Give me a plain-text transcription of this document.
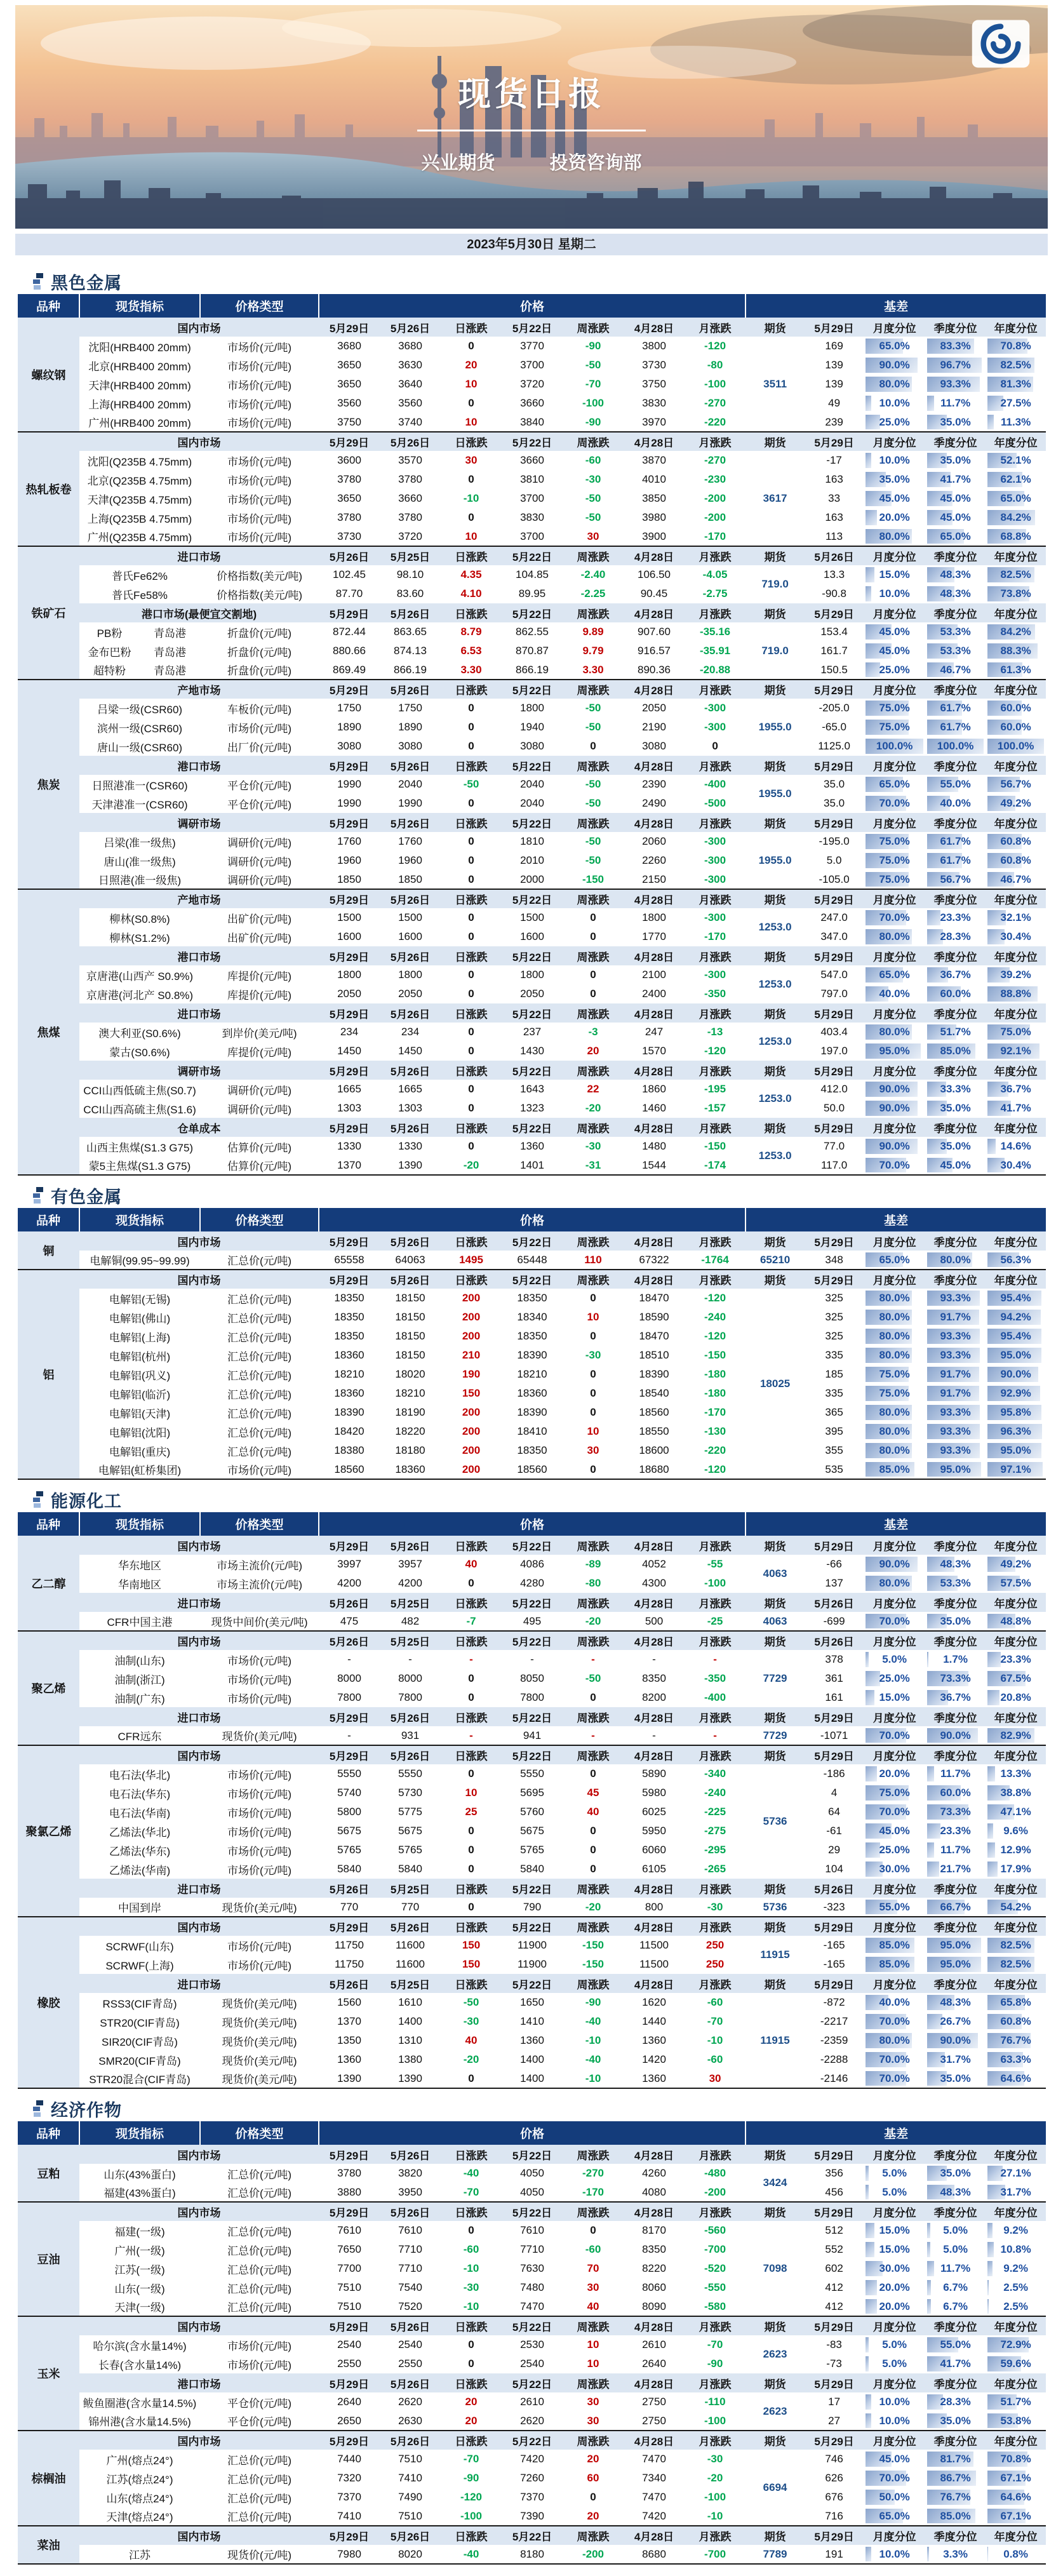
现货日报
兴业期货	投资咨询部
2023年5月30日 星期二
黑色金属
品种	现货指标	价格类型	价格							基差				
螺纹钢	国内市场		5月29日	5月26日	日涨跌	5月22日	周涨跌	4月28日	月涨跌	期货	5月29日	月度分位	季度分位	年度分位
	沈阳(HRB400 20mm)	市场价(元/吨)	3680	3680	0	3770	-90	3800	-120	3511	169	65.0%	83.3%	70.8%
	北京(HRB400 20mm)	市场价(元/吨)	3650	3630	20	3700	-50	3730	-80		139	90.0%	96.7%	82.5%
	天津(HRB400 20mm)	市场价(元/吨)	3650	3640	10	3720	-70	3750	-100		139	80.0%	93.3%	81.3%
	上海(HRB400 20mm)	市场价(元/吨)	3560	3560	0	3660	-100	3830	-270		49	10.0%	11.7%	27.5%
	广州(HRB400 20mm)	市场价(元/吨)	3750	3740	10	3840	-90	3970	-220		239	25.0%	35.0%	11.3%
热轧板卷	国内市场		5月29日	5月26日	日涨跌	5月22日	周涨跌	4月28日	月涨跌	期货	5月29日	月度分位	季度分位	年度分位
	沈阳(Q235B 4.75mm)	市场价(元/吨)	3600	3570	30	3660	-60	3870	-270	3617	-17	10.0%	35.0%	52.1%
	北京(Q235B 4.75mm)	市场价(元/吨)	3780	3780	0	3810	-30	4010	-230		163	35.0%	41.7%	62.1%
	天津(Q235B 4.75mm)	市场价(元/吨)	3650	3660	-10	3700	-50	3850	-200		33	45.0%	45.0%	65.0%
	上海(Q235B 4.75mm)	市场价(元/吨)	3780	3780	0	3830	-50	3980	-200		163	20.0%	45.0%	84.2%
	广州(Q235B 4.75mm)	市场价(元/吨)	3730	3720	10	3700	30	3900	-170		113	80.0%	65.0%	68.8%
铁矿石	进口市场		5月26日	5月25日	日涨跌	5月22日	周涨跌	4月28日	月涨跌	期货	5月26日	月度分位	季度分位	年度分位
	普氏Fe62%	价格指数(美元/吨)	102.45	98.10	4.35	104.85	-2.40	106.50	-4.05	719.0	13.3	15.0%	48.3%	82.5%
	普氏Fe58%	价格指数(美元/吨)	87.70	83.60	4.10	89.95	-2.25	90.45	-2.75		-90.8	10.0%	48.3%	73.8%
	港口市场(最便宜交割地)		5月29日	5月26日	日涨跌	5月22日	周涨跌	4月28日	月涨跌	期货	5月29日	月度分位	季度分位	年度分位

	PB粉 青岛港	折盘价(元/吨)	872.44	863.65	8.79	862.55	9.89	907.60	-35.16	719.0	153.4	45.0%	53.3%	84.2%

	金布巴粉 青岛港	折盘价(元/吨)	880.66	874.13	6.53	870.87	9.79	916.57	-35.91		161.7	45.0%	53.3%	88.3%

	超特粉 青岛港	折盘价(元/吨)	869.49	866.19	3.30	866.19	3.30	890.36	-20.88		150.5	25.0%	46.7%	61.3%
焦炭	产地市场		5月29日	5月26日	日涨跌	5月22日	周涨跌	4月28日	月涨跌	期货	5月29日	月度分位	季度分位	年度分位
	吕梁一级(CSR60)	车板价(元/吨)	1750	1750	0	1800	-50	2050	-300	1955.0	-205.0	75.0%	61.7%	60.0%
	滨州一级(CSR60)	市场价(元/吨)	1890	1890	0	1940	-50	2190	-300		-65.0	75.0%	61.7%	60.0%
	唐山一级(CSR60)	出厂价(元/吨)	3080	3080	0	3080	0	3080	0		1125.0	100.0%	100.0%	100.0%
	港口市场		5月29日	5月26日	日涨跌	5月22日	周涨跌	4月28日	月涨跌	期货	5月29日	月度分位	季度分位	年度分位
	日照港准一(CSR60)	平仓价(元/吨)	1990	2040	-50	2040	-50	2390	-400	1955.0	35.0	65.0%	55.0%	56.7%
	天津港准一(CSR60)	平仓价(元/吨)	1990	1990	0	2040	-50	2490	-500		35.0	70.0%	40.0%	49.2%
	调研市场		5月29日	5月26日	日涨跌	5月22日	周涨跌	4月28日	月涨跌	期货	5月29日	月度分位	季度分位	年度分位
	吕梁(准一级焦)	调研价(元/吨)	1760	1760	0	1810	-50	2060	-300	1955.0	-195.0	75.0%	61.7%	60.8%
	唐山(准一级焦)	调研价(元/吨)	1960	1960	0	2010	-50	2260	-300		5.0	75.0%	61.7%	60.8%
	日照港(准一级焦)	调研价(元/吨)	1850	1850	0	2000	-150	2150	-300		-105.0	75.0%	56.7%	46.7%
焦煤	产地市场		5月29日	5月26日	日涨跌	5月22日	周涨跌	4月28日	月涨跌	期货	5月29日	月度分位	季度分位	年度分位
	柳林(S0.8%)	出矿价(元/吨)	1500	1500	0	1500	0	1800	-300	1253.0	247.0	70.0%	23.3%	32.1%
	柳林(S1.2%)	出矿价(元/吨)	1600	1600	0	1600	0	1770	-170		347.0	80.0%	28.3%	30.4%
	港口市场		5月29日	5月26日	日涨跌	5月22日	周涨跌	4月28日	月涨跌	期货	5月29日	月度分位	季度分位	年度分位
	京唐港(山西产 S0.9%)	库提价(元/吨)	1800	1800	0	1800	0	2100	-300	1253.0	547.0	65.0%	36.7%	39.2%
	京唐港(河北产 S0.8%)	库提价(元/吨)	2050	2050	0	2050	0	2400	-350		797.0	40.0%	60.0%	88.8%
	进口市场		5月29日	5月26日	日涨跌	5月22日	周涨跌	4月28日	月涨跌	期货	5月29日	月度分位	季度分位	年度分位
	澳大利亚(S0.6%)	到岸价(美元/吨)	234	234	0	237	-3	247	-13	1253.0	403.4	80.0%	51.7%	75.0%
	蒙古(S0.6%)	库提价(元/吨)	1450	1450	0	1430	20	1570	-120		197.0	95.0%	85.0%	92.1%
	调研市场		5月29日	5月26日	日涨跌	5月22日	周涨跌	4月28日	月涨跌	期货	5月29日	月度分位	季度分位	年度分位
	CCI山西低硫主焦(S0.7)	调研价(元/吨)	1665	1665	0	1643	22	1860	-195	1253.0	412.0	90.0%	33.3%	36.7%
	CCI山西高硫主焦(S1.6)	调研价(元/吨)	1303	1303	0	1323	-20	1460	-157		50.0	90.0%	35.0%	41.7%
	仓单成本		5月29日	5月26日	日涨跌	5月22日	周涨跌	4月28日	月涨跌	期货	5月29日	月度分位	季度分位	年度分位
	山西主焦煤(S1.3 G75)	估算价(元/吨)	1330	1330	0	1360	-30	1480	-150	1253.0	77.0	90.0%	35.0%	14.6%
	蒙5主焦煤(S1.3 G75)	估算价(元/吨)	1370	1390	-20	1401	-31	1544	-174		117.0	70.0%	45.0%	30.4%
有色金属
品种	现货指标	价格类型	价格							基差				
铜	国内市场		5月29日	5月26日	日涨跌	5月22日	周涨跌	4月28日	月涨跌	期货	5月29日	月度分位	季度分位	年度分位
	电解铜(99.95~99.99)	汇总价(元/吨)	65558	64063	1495	65448	110	67322	-1764	65210	348	65.0%	80.0%	56.3%
铝	国内市场		5月29日	5月26日	日涨跌	5月22日	周涨跌	4月28日	月涨跌	期货	5月29日	月度分位	季度分位	年度分位
	电解铝(无锡)	汇总价(元/吨)	18350	18150	200	18350	0	18470	-120	18025	325	80.0%	93.3%	95.4%
	电解铝(佛山)	汇总价(元/吨)	18350	18150	200	18340	10	18590	-240		325	80.0%	91.7%	94.2%
	电解铝(上海)	汇总价(元/吨)	18350	18150	200	18350	0	18470	-120		325	80.0%	93.3%	95.4%
	电解铝(杭州)	汇总价(元/吨)	18360	18150	210	18390	-30	18510	-150		335	80.0%	93.3%	95.0%
	电解铝(巩义)	汇总价(元/吨)	18210	18020	190	18210	0	18390	-180		185	75.0%	91.7%	90.0%
	电解铝(临沂)	汇总价(元/吨)	18360	18210	150	18360	0	18540	-180		335	75.0%	91.7%	92.9%
	电解铝(天津)	汇总价(元/吨)	18390	18190	200	18390	0	18560	-170		365	80.0%	93.3%	95.8%
	电解铝(沈阳)	汇总价(元/吨)	18420	18220	200	18410	10	18550	-130		395	80.0%	93.3%	96.3%
	电解铝(重庆)	汇总价(元/吨)	18380	18180	200	18350	30	18600	-220		355	80.0%	93.3%	95.0%
	电解铝(虹桥集团)	市场价(元/吨)	18560	18360	200	18560	0	18680	-120		535	85.0%	95.0%	97.1%
能源化工
品种	现货指标	价格类型	价格							基差				
乙二醇	国内市场		5月29日	5月26日	日涨跌	5月22日	周涨跌	4月28日	月涨跌	期货	5月29日	月度分位	季度分位	年度分位
	华东地区	市场主流价(元/吨)	3997	3957	40	4086	-89	4052	-55	4063	-66	90.0%	48.3%	49.2%
	华南地区	市场主流价(元/吨)	4200	4200	0	4280	-80	4300	-100		137	80.0%	53.3%	57.5%
	进口市场		5月26日	5月25日	日涨跌	5月22日	周涨跌	4月28日	月涨跌	期货	5月26日	月度分位	季度分位	年度分位
	CFR中国主港	现货中间价(美元/吨)	475	482	-7	495	-20	500	-25	4063	-699	70.0%	35.0%	48.8%
聚乙烯	国内市场		5月26日	5月25日	日涨跌	5月22日	周涨跌	4月28日	月涨跌	期货	5月26日	月度分位	季度分位	年度分位
	油制(山东)	市场价(元/吨)	-	-	-	-	-	-	-	7729	378	5.0%	1.7%	23.3%
	油制(浙江)	市场价(元/吨)	8000	8000	0	8050	-50	8350	-350		361	25.0%	73.3%	67.5%
	油制(广东)	市场价(元/吨)	7800	7800	0	7800	0	8200	-400		161	15.0%	36.7%	20.8%
	进口市场		5月29日	5月26日	日涨跌	5月22日	周涨跌	4月28日	月涨跌	期货	5月29日	月度分位	季度分位	年度分位
	CFR远东	现货价(美元/吨)	-	931	-	941	-	-	-	7729	-1071	70.0%	90.0%	82.9%
聚氯乙烯	国内市场		5月29日	5月26日	日涨跌	5月22日	周涨跌	4月28日	月涨跌	期货	5月29日	月度分位	季度分位	年度分位
	电石法(华北)	市场价(元/吨)	5550	5550	0	5550	0	5890	-340	5736	-186	20.0%	11.7%	13.3%
	电石法(华东)	市场价(元/吨)	5740	5730	10	5695	45	5980	-240		4	75.0%	60.0%	38.8%
	电石法(华南)	市场价(元/吨)	5800	5775	25	5760	40	6025	-225		64	70.0%	73.3%	47.1%
	乙烯法(华北)	市场价(元/吨)	5675	5675	0	5675	0	5950	-275		-61	45.0%	23.3%	9.6%
	乙烯法(华东)	市场价(元/吨)	5765	5765	0	5765	0	6060	-295		29	25.0%	11.7%	12.9%
	乙烯法(华南)	市场价(元/吨)	5840	5840	0	5840	0	6105	-265		104	30.0%	21.7%	17.9%
	进口市场		5月26日	5月25日	日涨跌	5月22日	周涨跌	4月28日	月涨跌	期货	5月26日	月度分位	季度分位	年度分位
	中国到岸	现货价(美元/吨)	770	770	0	790	-20	800	-30	5736	-323	55.0%	66.7%	54.2%
橡胶	国内市场		5月29日	5月26日	日涨跌	5月22日	周涨跌	4月28日	月涨跌	期货	5月29日	月度分位	季度分位	年度分位
	SCRWF(山东)	市场价(元/吨)	11750	11600	150	11900	-150	11500	250	11915	-165	85.0%	95.0%	82.5%
	SCRWF(上海)	市场价(元/吨)	11750	11600	150	11900	-150	11500	250		-165	85.0%	95.0%	82.5%
	进口市场		5月26日	5月25日	日涨跌	5月22日	周涨跌	4月28日	月涨跌	期货	5月29日	月度分位	季度分位	年度分位
	RSS3(CIF青岛)	现货价(美元/吨)	1560	1610	-50	1650	-90	1620	-60	11915	-872	40.0%	48.3%	65.8%
	STR20(CIF青岛)	现货价(美元/吨)	1370	1400	-30	1410	-40	1440	-70		-2217	70.0%	26.7%	60.8%
	SIR20(CIF青岛)	现货价(美元/吨)	1350	1310	40	1360	-10	1360	-10		-2359	80.0%	90.0%	76.7%
	SMR20(CIF青岛)	现货价(美元/吨)	1360	1380	-20	1400	-40	1420	-60		-2288	70.0%	31.7%	63.3%
	STR20混合(CIF青岛)	现货价(美元/吨)	1390	1390	0	1400	-10	1360	30		-2146	70.0%	35.0%	64.6%
经济作物
品种	现货指标	价格类型	价格							基差				
豆粕	国内市场		5月29日	5月26日	日涨跌	5月22日	周涨跌	4月28日	月涨跌	期货	5月29日	月度分位	季度分位	年度分位
	山东(43%蛋白)	汇总价(元/吨)	3780	3820	-40	4050	-270	4260	-480	3424	356	5.0%	35.0%	27.1%
	福建(43%蛋白)	汇总价(元/吨)	3880	3950	-70	4050	-170	4080	-200		456	5.0%	48.3%	31.7%
豆油	国内市场		5月29日	5月26日	日涨跌	5月22日	周涨跌	4月28日	月涨跌	期货	5月29日	月度分位	季度分位	年度分位
	福建(一级)	汇总价(元/吨)	7610	7610	0	7610	0	8170	-560	7098	512	15.0%	5.0%	9.2%
	广州(一级)	汇总价(元/吨)	7650	7710	-60	7710	-60	8350	-700		552	15.0%	5.0%	10.8%
	江苏(一级)	汇总价(元/吨)	7700	7710	-10	7630	70	8220	-520		602	30.0%	11.7%	9.2%
	山东(一级)	汇总价(元/吨)	7510	7540	-30	7480	30	8060	-550		412	20.0%	6.7%	2.5%
	天津(一级)	汇总价(元/吨)	7510	7520	-10	7470	40	8090	-580		412	20.0%	6.7%	2.5%
玉米	国内市场		5月29日	5月26日	日涨跌	5月22日	周涨跌	4月28日	月涨跌	期货	5月29日	月度分位	季度分位	年度分位
	哈尔滨(含水量14%)	市场价(元/吨)	2540	2540	0	2530	10	2610	-70	2623	-83	5.0%	55.0%	72.9%
	长春(含水量14%)	市场价(元/吨)	2550	2550	0	2540	10	2640	-90		-73	5.0%	41.7%	59.6%
	港口市场		5月29日	5月26日	日涨跌	5月22日	周涨跌	4月28日	月涨跌	期货	5月29日	月度分位	季度分位	年度分位
	鲅鱼圈港(含水量14.5%)	平仓价(元/吨)	2640	2620	20	2610	30	2750	-110	2623	17	10.0%	28.3%	51.7%
	锦州港(含水量14.5%)	平仓价(元/吨)	2650	2630	20	2620	30	2750	-100		27	10.0%	35.0%	53.8%
棕榈油	国内市场		5月29日	5月26日	日涨跌	5月22日	周涨跌	4月28日	月涨跌	期货	5月29日	月度分位	季度分位	年度分位
	广州(熔点24°)	汇总价(元/吨)	7440	7510	-70	7420	20	7470	-30	6694	746	45.0%	81.7%	70.8%
	江苏(熔点24°)	汇总价(元/吨)	7320	7410	-90	7260	60	7340	-20		626	70.0%	86.7%	67.1%
	山东(熔点24°)	汇总价(元/吨)	7370	7490	-120	7370	0	7470	-100		676	50.0%	76.7%	64.6%
	天津(熔点24°)	汇总价(元/吨)	7410	7510	-100	7390	20	7420	-10		716	65.0%	85.0%	67.1%
菜油	国内市场		5月29日	5月26日	日涨跌	5月22日	周涨跌	4月28日	月涨跌	期货	5月29日	月度分位	季度分位	年度分位
	江苏	现货价(元/吨)	7980	8020	-40	8180	-200	8680	-700	7789	191	10.0%	3.3%	0.8%
